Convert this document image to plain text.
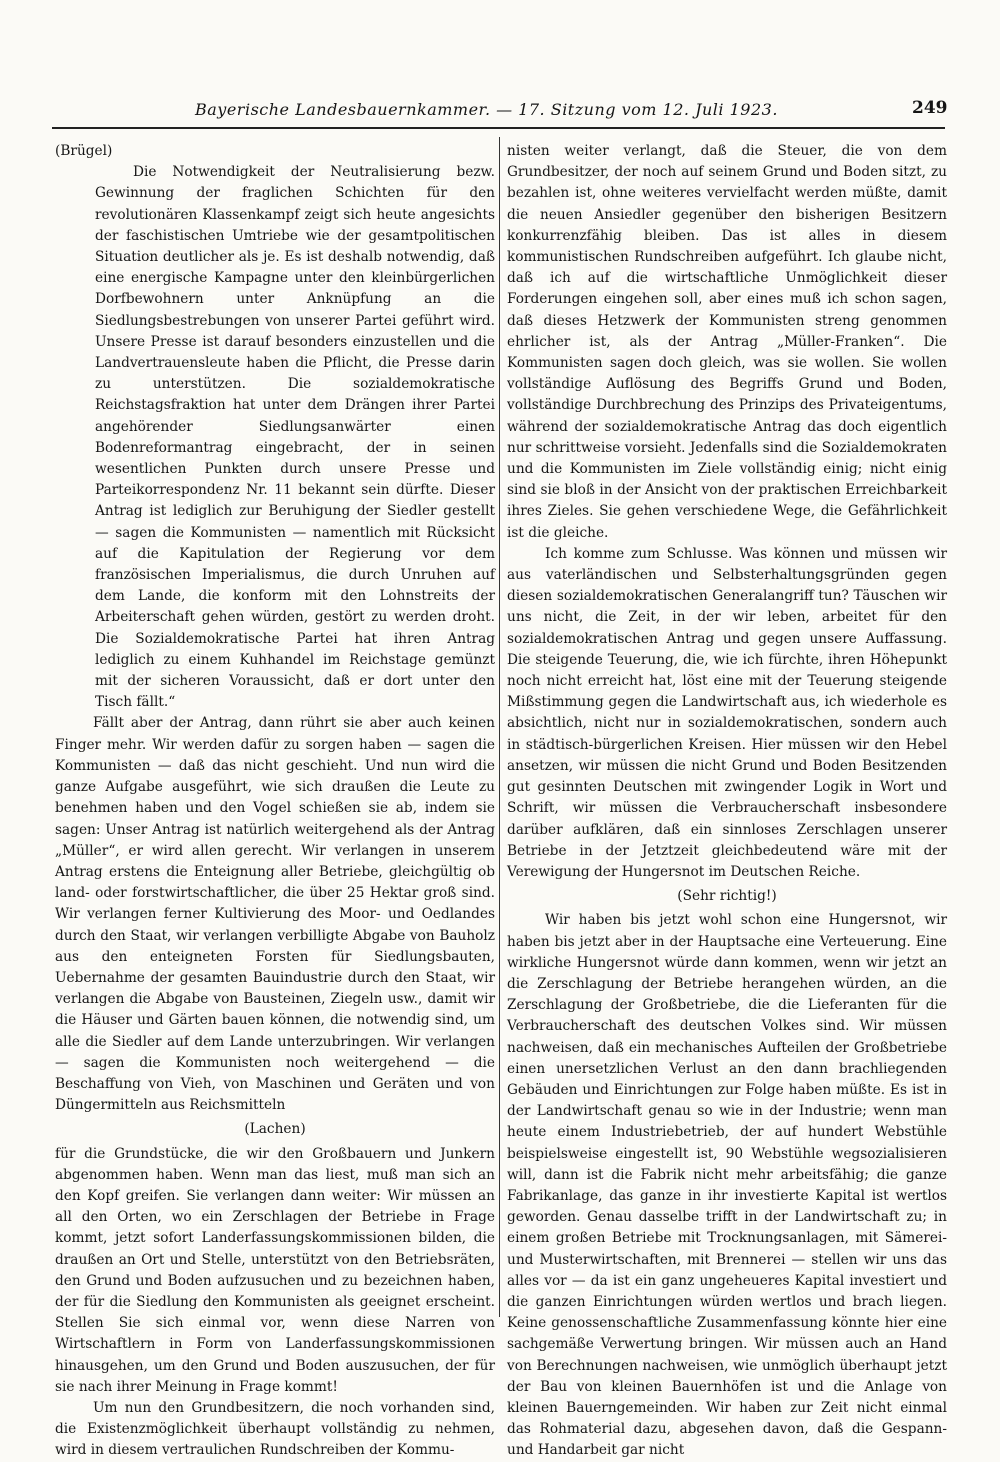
Bayerische Landesbauernkammer. — 17. Sitzung vom 12. Juli 1923.	249

(Brügel)

Die Notwendigkeit der Neutralisierung bezw. Gewinnung der fraglichen Schichten für den revolutionären Klassenkampf zeigt sich heute angesichts der faschistischen Umtriebe wie der gesamtpolitischen Situation deutlicher als je. Es ist deshalb notwendig, daß eine energische Kampagne unter den kleinbürgerlichen Dorfbewohnern unter Anknüpfung an die Siedlungsbestrebungen von unserer Partei geführt wird. Unsere Presse ist darauf besonders einzustellen und die Landvertrauensleute haben die Pflicht, die Presse darin zu unterstützen. Die sozialdemokratische Reichstagsfraktion hat unter dem Drängen ihrer Partei angehörender Siedlungsanwärter einen Bodenreformantrag eingebracht, der in seinen wesentlichen Punkten durch unsere Presse und Parteikorrespondenz Nr. 11 bekannt sein dürfte. Dieser Antrag ist lediglich zur Beruhigung der Siedler gestellt — sagen die Kommunisten — namentlich mit Rücksicht auf die Kapitulation der Regierung vor dem französischen Imperialismus, die durch Unruhen auf dem Lande, die konform mit den Lohnstreits der Arbeiterschaft gehen würden, gestört zu werden droht. Die Sozialdemokratische Partei hat ihren Antrag lediglich zu einem Kuhhandel im Reichstage gemünzt mit der sicheren Voraussicht, daß er dort unter den Tisch fällt.“

Fällt aber der Antrag, dann rührt sie aber auch keinen Finger mehr. Wir werden dafür zu sorgen haben — sagen die Kommunisten — daß das nicht geschieht. Und nun wird die ganze Aufgabe ausgeführt, wie sich draußen die Leute zu benehmen haben und den Vogel schießen sie ab, indem sie sagen: Unser Antrag ist natürlich weitergehend als der Antrag „Müller“, er wird allen gerecht. Wir verlangen in unserem Antrag erstens die Enteignung aller Betriebe, gleichgültig ob land- oder forstwirtschaftlicher, die über 25 Hektar groß sind. Wir verlangen ferner Kultivierung des Moor- und Oedlandes durch den Staat, wir verlangen verbilligte Abgabe von Bauholz aus den enteigneten Forsten für Siedlungsbauten, Uebernahme der gesamten Bauindustrie durch den Staat, wir verlangen die Abgabe von Bausteinen, Ziegeln usw., damit wir die Häuser und Gärten bauen können, die notwendig sind, um alle die Siedler auf dem Lande unterzubringen. Wir verlangen — sagen die Kommunisten noch weitergehend — die Beschaffung von Vieh, von Maschinen und Geräten und von Düngermitteln aus Reichsmitteln

(Lachen)

für die Grundstücke, die wir den Großbauern und Junkern abgenommen haben. Wenn man das liest, muß man sich an den Kopf greifen. Sie verlangen dann weiter: Wir müssen an all den Orten, wo ein Zerschlagen der Betriebe in Frage kommt, jetzt sofort Landerfassungskommissionen bilden, die draußen an Ort und Stelle, unterstützt von den Betriebsräten, den Grund und Boden aufzusuchen und zu bezeichnen haben, der für die Siedlung den Kommunisten als geeignet erscheint. Stellen Sie sich einmal vor, wenn diese Narren von Wirtschaftlern in Form von Landerfassungskommissionen hinausgehen, um den Grund und Boden auszusuchen, der für sie nach ihrer Meinung in Frage kommt!

Um nun den Grundbesitzern, die noch vorhanden sind, die Existenzmöglichkeit überhaupt vollständig zu nehmen, wird in diesem vertraulichen Rundschreiben der Kommu-

nisten weiter verlangt, daß die Steuer, die von dem Grundbesitzer, der noch auf seinem Grund und Boden sitzt, zu bezahlen ist, ohne weiteres vervielfacht werden müßte, damit die neuen Ansiedler gegenüber den bisherigen Besitzern konkurrenzfähig bleiben. Das ist alles in diesem kommunistischen Rundschreiben aufgeführt. Ich glaube nicht, daß ich auf die wirtschaftliche Unmöglichkeit dieser Forderungen eingehen soll, aber eines muß ich schon sagen, daß dieses Hetzwerk der Kommunisten streng genommen ehrlicher ist, als der Antrag „Müller-Franken“. Die Kommunisten sagen doch gleich, was sie wollen. Sie wollen vollständige Auflösung des Begriffs Grund und Boden, vollständige Durchbrechung des Prinzips des Privateigentums, während der sozialdemokratische Antrag das doch eigentlich nur schrittweise vorsieht. Jedenfalls sind die Sozialdemokraten und die Kommunisten im Ziele vollständig einig; nicht einig sind sie bloß in der Ansicht von der praktischen Erreichbarkeit ihres Zieles. Sie gehen verschiedene Wege, die Gefährlichkeit ist die gleiche.

Ich komme zum Schlusse. Was können und müssen wir aus vaterländischen und Selbsterhaltungsgründen gegen diesen sozialdemokratischen Generalangriff tun? Täuschen wir uns nicht, die Zeit, in der wir leben, arbeitet für den sozialdemokratischen Antrag und gegen unsere Auffassung. Die steigende Teuerung, die, wie ich fürchte, ihren Höhepunkt noch nicht erreicht hat, löst eine mit der Teuerung steigende Mißstimmung gegen die Landwirtschaft aus, ich wiederhole es absichtlich, nicht nur in sozialdemokratischen, sondern auch in städtisch-bürgerlichen Kreisen. Hier müssen wir den Hebel ansetzen, wir müssen die nicht Grund und Boden Besitzenden gut gesinnten Deutschen mit zwingender Logik in Wort und Schrift, wir müssen die Verbraucherschaft insbesondere darüber aufklären, daß ein sinnloses Zerschlagen unserer Betriebe in der Jetztzeit gleichbedeutend wäre mit der Verewigung der Hungersnot im Deutschen Reiche.

(Sehr richtig!)

Wir haben bis jetzt wohl schon eine Hungersnot, wir haben bis jetzt aber in der Hauptsache eine Verteuerung. Eine wirkliche Hungersnot würde dann kommen, wenn wir jetzt an die Zerschlagung der Betriebe herangehen würden, an die Zerschlagung der Großbetriebe, die die Lieferanten für die Verbraucherschaft des deutschen Volkes sind. Wir müssen nachweisen, daß ein mechanisches Aufteilen der Großbetriebe einen unersetzlichen Verlust an den dann brachliegenden Gebäuden und Einrichtungen zur Folge haben müßte. Es ist in der Landwirtschaft genau so wie in der Industrie; wenn man heute einem Industriebetrieb, der auf hundert Webstühle beispielsweise eingestellt ist, 90 Webstühle wegsozialisieren will, dann ist die Fabrik nicht mehr arbeitsfähig; die ganze Fabrikanlage, das ganze in ihr investierte Kapital ist wertlos geworden. Genau dasselbe trifft in der Landwirtschaft zu; in einem großen Betriebe mit Trocknungsanlagen, mit Sämerei- und Musterwirtschaften, mit Brennerei — stellen wir uns das alles vor — da ist ein ganz ungeheueres Kapital investiert und die ganzen Einrichtungen würden wertlos und brach liegen. Keine genossenschaftliche Zusammenfassung könnte hier eine sachgemäße Verwertung bringen. Wir müssen auch an Hand von Berechnungen nachweisen, wie unmöglich überhaupt jetzt der Bau von kleinen Bauernhöfen ist und die Anlage von kleinen Bauerngemeinden. Wir haben zur Zeit nicht einmal das Rohmaterial dazu, abgesehen davon, daß die Gespann- und Handarbeit gar nicht
